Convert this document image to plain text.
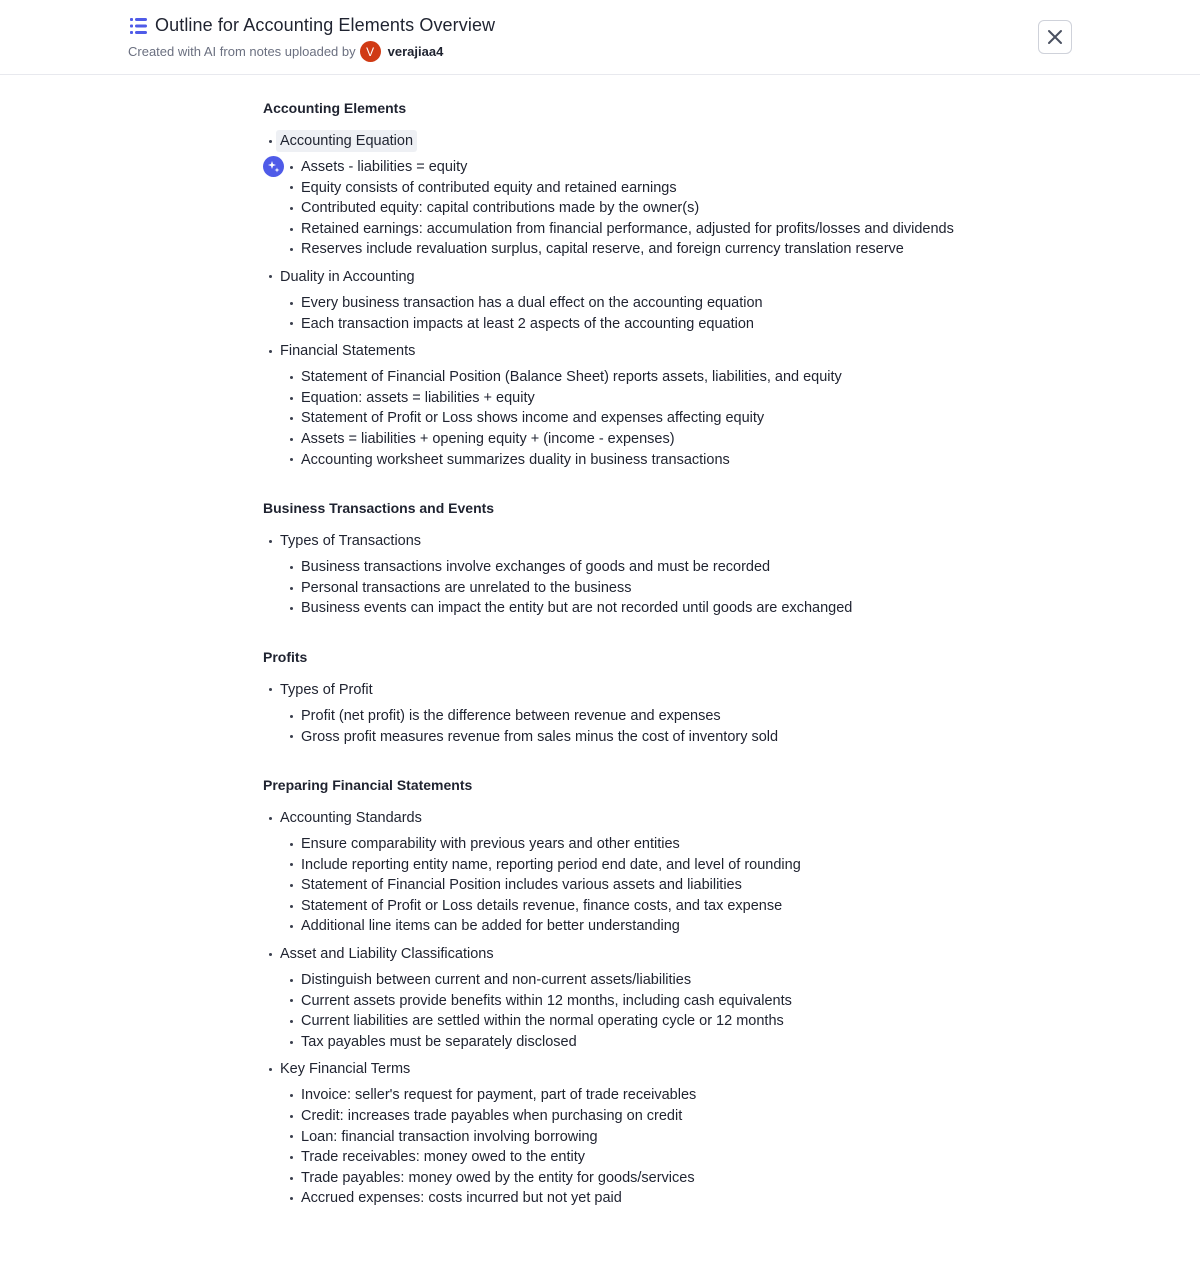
Outline for Accounting Elements Overview
Created with AI from notes uploaded by V	verajiaa4
Accounting Elements
Accounting Equation
Assets - liabilities = equity
Equity consists of contributed equity and retained earnings
Contributed equity: capital contributions made by the owner(s)
Retained earnings: accumulation from financial performance, adjusted for profits/losses and dividends
Reserves include revaluation surplus, capital reserve, and foreign currency translation reserve
Duality in Accounting
Every business transaction has a dual effect on the accounting equation
Each transaction impacts at least 2 aspects of the accounting equation
Financial Statements
Statement of Financial Position (Balance Sheet) reports assets, liabilities, and equity
Equation: assets = liabilities + equity
Statement of Profit or Loss shows income and expenses affecting equity
Assets = liabilities + opening equity + (income - expenses)
Accounting worksheet summarizes duality in business transactions
Business Transactions and Events
Types of Transactions
Business transactions involve exchanges of goods and must be recorded
Personal transactions are unrelated to the business
Business events can impact the entity but are not recorded until goods are exchanged
Profits
Types of Profit
Profit (net profit) is the difference between revenue and expenses
Gross profit measures revenue from sales minus the cost of inventory sold
Preparing Financial Statements
Accounting Standards
Ensure comparability with previous years and other entities
Include reporting entity name, reporting period end date, and level of rounding
Statement of Financial Position includes various assets and liabilities
Statement of Profit or Loss details revenue, finance costs, and tax expense
Additional line items can be added for better understanding
Asset and Liability Classifications
Distinguish between current and non-current assets/liabilities
Current assets provide benefits within 12 months, including cash equivalents
Current liabilities are settled within the normal operating cycle or 12 months
Tax payables must be separately disclosed
Key Financial Terms
Invoice: seller's request for payment, part of trade receivables
Credit: increases trade payables when purchasing on credit
Loan: financial transaction involving borrowing
Trade receivables: money owed to the entity
Trade payables: money owed by the entity for goods/services
Accrued expenses: costs incurred but not yet paid
